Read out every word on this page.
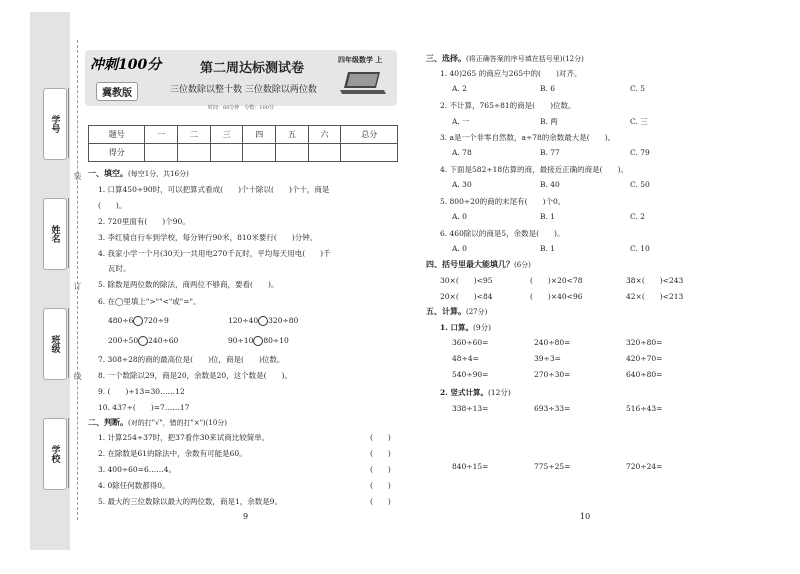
学号
姓名
班级
学校
装
订
线
冲刺100分
冀教版
第二周达标测试卷
四年级数学 上
三位数除以整十数 三位数除以两位数
时间：60分钟　分数：100分
题号	一	二	三	四	五	六	总分
得分							
一、填空。(每空1分，共16分)
1. 口算450÷90时，可以把算式看成(　　)个十除以(　　)个十，商是
(　　)。
2. 720里面有(　　)个90。
3. 李红骑自行车到学校，每分钟行90米，810米要行(　　)分钟。
4. 我家小学一个月(30天)一共用电270千瓦时，平均每天用电(　　)千
瓦时。
5. 除数是两位数的除法，商两位不够商，要看(　　)。
6. 在◯里填上">""<"或"="。
480÷6 720÷9	120÷40 320÷80
200÷50 240÷60	90÷10 80÷10
7. 308÷28的商的最高位是(　　)位，商是(　　)位数。
8. 一个数除以29，商是20，余数是20，这个数是(　　)。
9. (　　)÷13=30……12
10. 437÷(　　)=7……17
二、判断。(对的打"√"，错的打"×")(10分)
1. 计算254÷37时，把37看作30来试商比较简单。
2. 在除数是61的除法中，余数有可能是60。
3. 400÷60=6……4。
4. 0除任何数都得0。
5. 最大的三位数除以最大的两位数，商是1，余数是9。
(　　)
(　　)
(　　)
(　　)
(　　)
三、选择。(将正确答案的序号填在括号里)(12分)
1. 40)265 的商应与265中的(　　)对齐。
A. 2	B. 6	C. 5
2. 不计算，765÷81的商是(　　)位数。
A. 一	B. 两	C. 三
3. a是一个非零自然数，a÷78的余数最大是(　　)。
A. 78	B. 77	C. 79
4. 下面是582÷18估算的商，最接近正确的商是(　　)。
A. 30	B. 40	C. 50
5. 800÷20的商的末尾有(　　)个0。
A. 0	B. 1	C. 2
6. 460除以的商是5，余数是(　　)。
A. 0	B. 1	C. 10
四、括号里最大能填几？(6分)
30×(　　)<95	(　　)×20<78	38×(　　)<243
20×(　　)<84	(　　)×40<96	42×(　　)<213
五、计算。(27分)
1. 口算。(9分)
360÷60=	240÷80=	320÷80=
48÷4=	39÷3=	420÷70=
540÷90=	270÷30=	640÷80=
2. 竖式计算。(12分)
338÷13=	693÷33=	516÷43=
840÷15=	775÷25=	720÷24=
9	10
